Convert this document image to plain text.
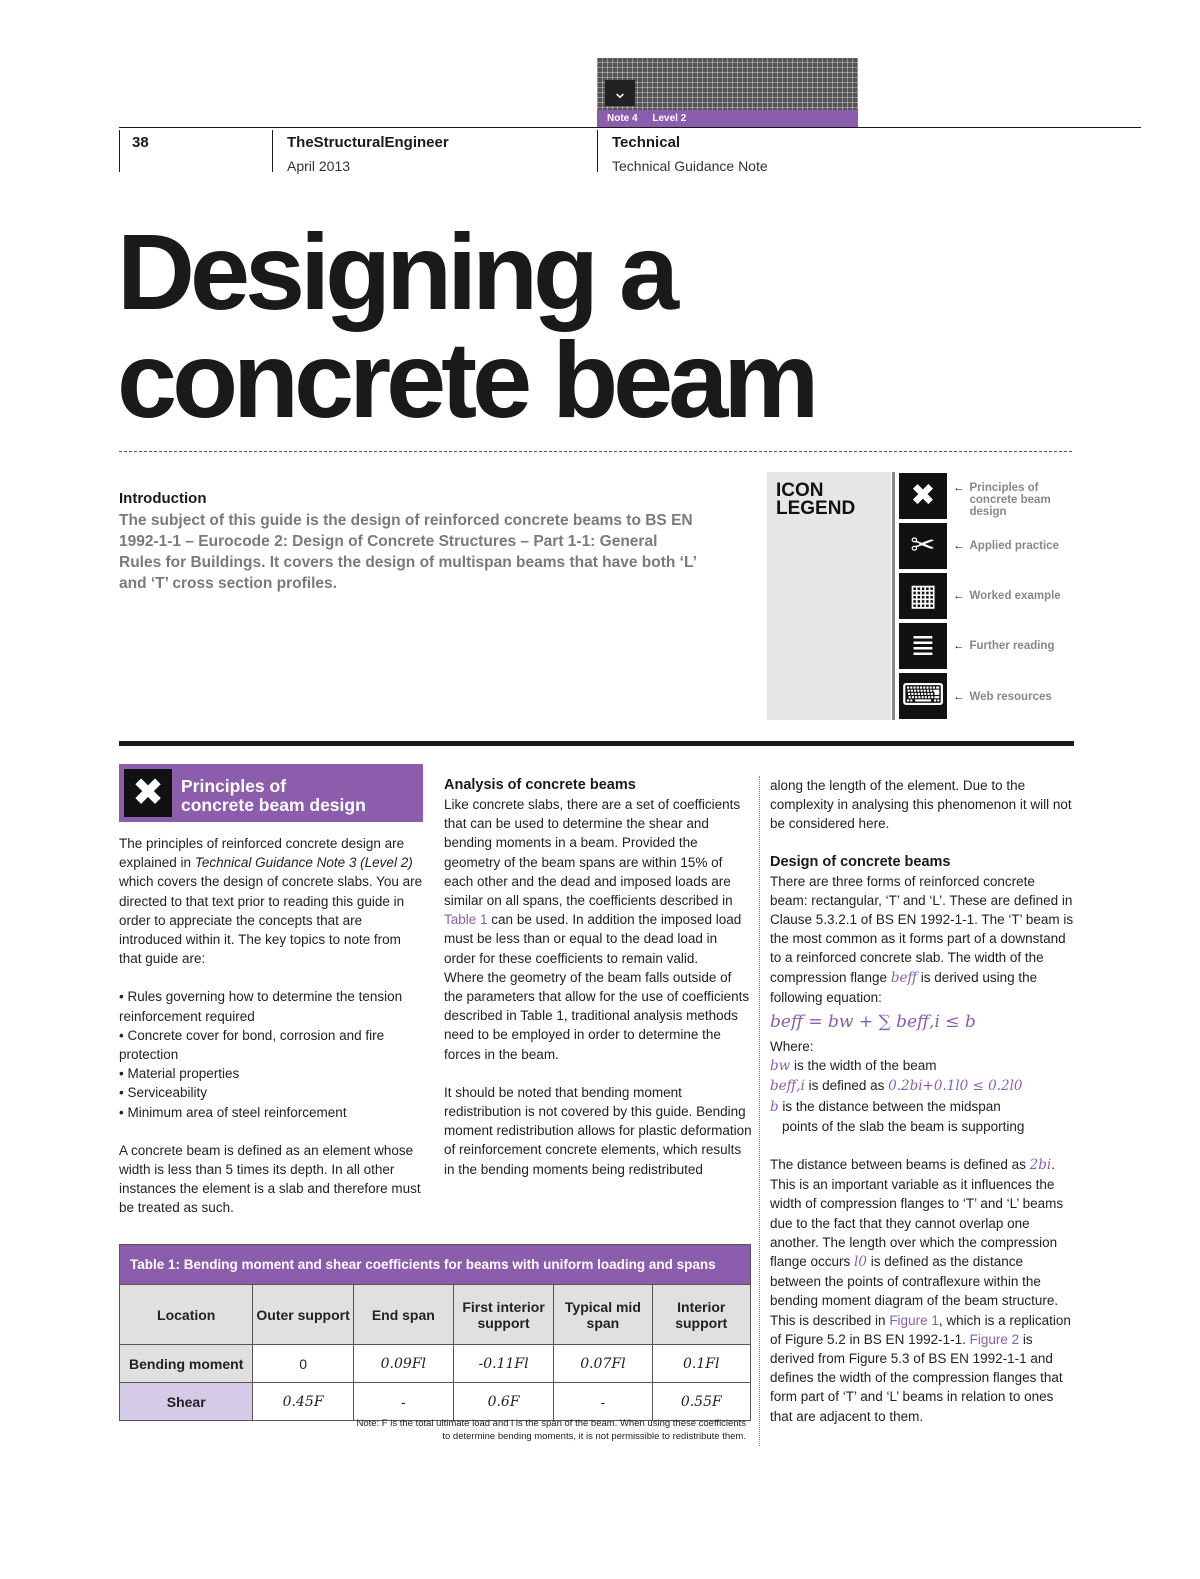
⌄
Note 4 Level 2
38	TheStructuralEngineer
April 2013
Technical
Technical Guidance Note
Designing a
concrete beam
Introduction
The subject of this guide is the design of reinforced concrete beams to BS EN 1992-1-1 – Eurocode 2: Design of Concrete Structures – Part 1-1: General Rules for Buildings. It covers the design of multispan beams that have both ‘L’ and ‘T’ cross section profiles.
ICON
LEGEND	✖	← Principles of concrete beam design
✂	← Applied practice
▦	← Worked example
≣	← Further reading
⌨ ← Web resources
✖ Principles of
concrete beam design

The principles of reinforced concrete design are explained in Technical Guidance Note 3 (Level 2) which covers the design of concrete slabs. You are directed to that text prior to reading this guide in order to appreciate the concepts that are introduced within it. The key topics to note from that guide are:

• Rules governing how to determine the tension reinforcement required
• Concrete cover for bond, corrosion and fire protection
• Material properties
• Serviceability
• Minimum area of steel reinforcement

A concrete beam is defined as an element whose width is less than 5 times its depth. In all other instances the element is a slab and therefore must be treated as such.

Analysis of concrete beams

Like concrete slabs, there are a set of coefficients that can be used to determine the shear and bending moments in a beam. Provided the geometry of the beam spans are within 15% of each other and the dead and imposed loads are similar on all spans, the coefficients described in Table 1 can be used. In addition the imposed load must be less than or equal to the dead load in order for these coefficients to remain valid.

Where the geometry of the beam falls outside of the parameters that allow for the use of coefficients described in Table 1, traditional analysis methods need to be employed in order to determine the forces in the beam.

It should be noted that bending moment redistribution is not covered by this guide. Bending moment redistribution allows for plastic deformation of reinforcement concrete elements, which results in the bending moments being redistributed

along the length of the element. Due to the complexity in analysing this phenomenon it will not be considered here.
Design of concrete beams

There are three forms of reinforced concrete beam: rectangular, ‘T’ and ‘L’. These are defined in Clause 5.3.2.1 of BS EN 1992-1-1. The ‘T’ beam is the most common as it forms part of a downstand to a reinforced concrete slab. The width of the compression flange beff is derived using the following equation:

beff = bw + ∑ beff,i ≤ b

Where:

bw is the width of the beam

beff,i is defined as 0.2bi+0.1l0 ≤ 0.2l0

b is the distance between the midspan
points of the slab the beam is supporting

The distance between beams is defined as 2bi. This is an important variable as it influences the width of compression flanges to ‘T’ and ‘L’ beams due to the fact that they cannot overlap one another. The length over which the compression flange occurs l0 is defined as the distance between the points of contraflexure within the bending moment diagram of the beam structure. This is described in Figure 1, which is a replication of Figure 5.2 in BS EN 1992-1-1. Figure 2 is derived from Figure 5.3 of BS EN 1992-1-1 and defines the width of the compression flanges that form part of ‘T’ and ‘L’ beams in relation to ones that are adjacent to them.

Table 1: Bending moment and shear coefficients for beams with uniform loading and spans					
Location	Outer support	End span	First interior support	Typical mid span	Interior support
Bending moment	0	0.09Fl	-0.11Fl	0.07Fl	0.1Fl
Shear	0.45F	-	0.6F	-	0.55F
Note: F is the total ultimate load and l is the span of the beam. When using these coefficients
to determine bending moments, it is not permissible to redistribute them.
